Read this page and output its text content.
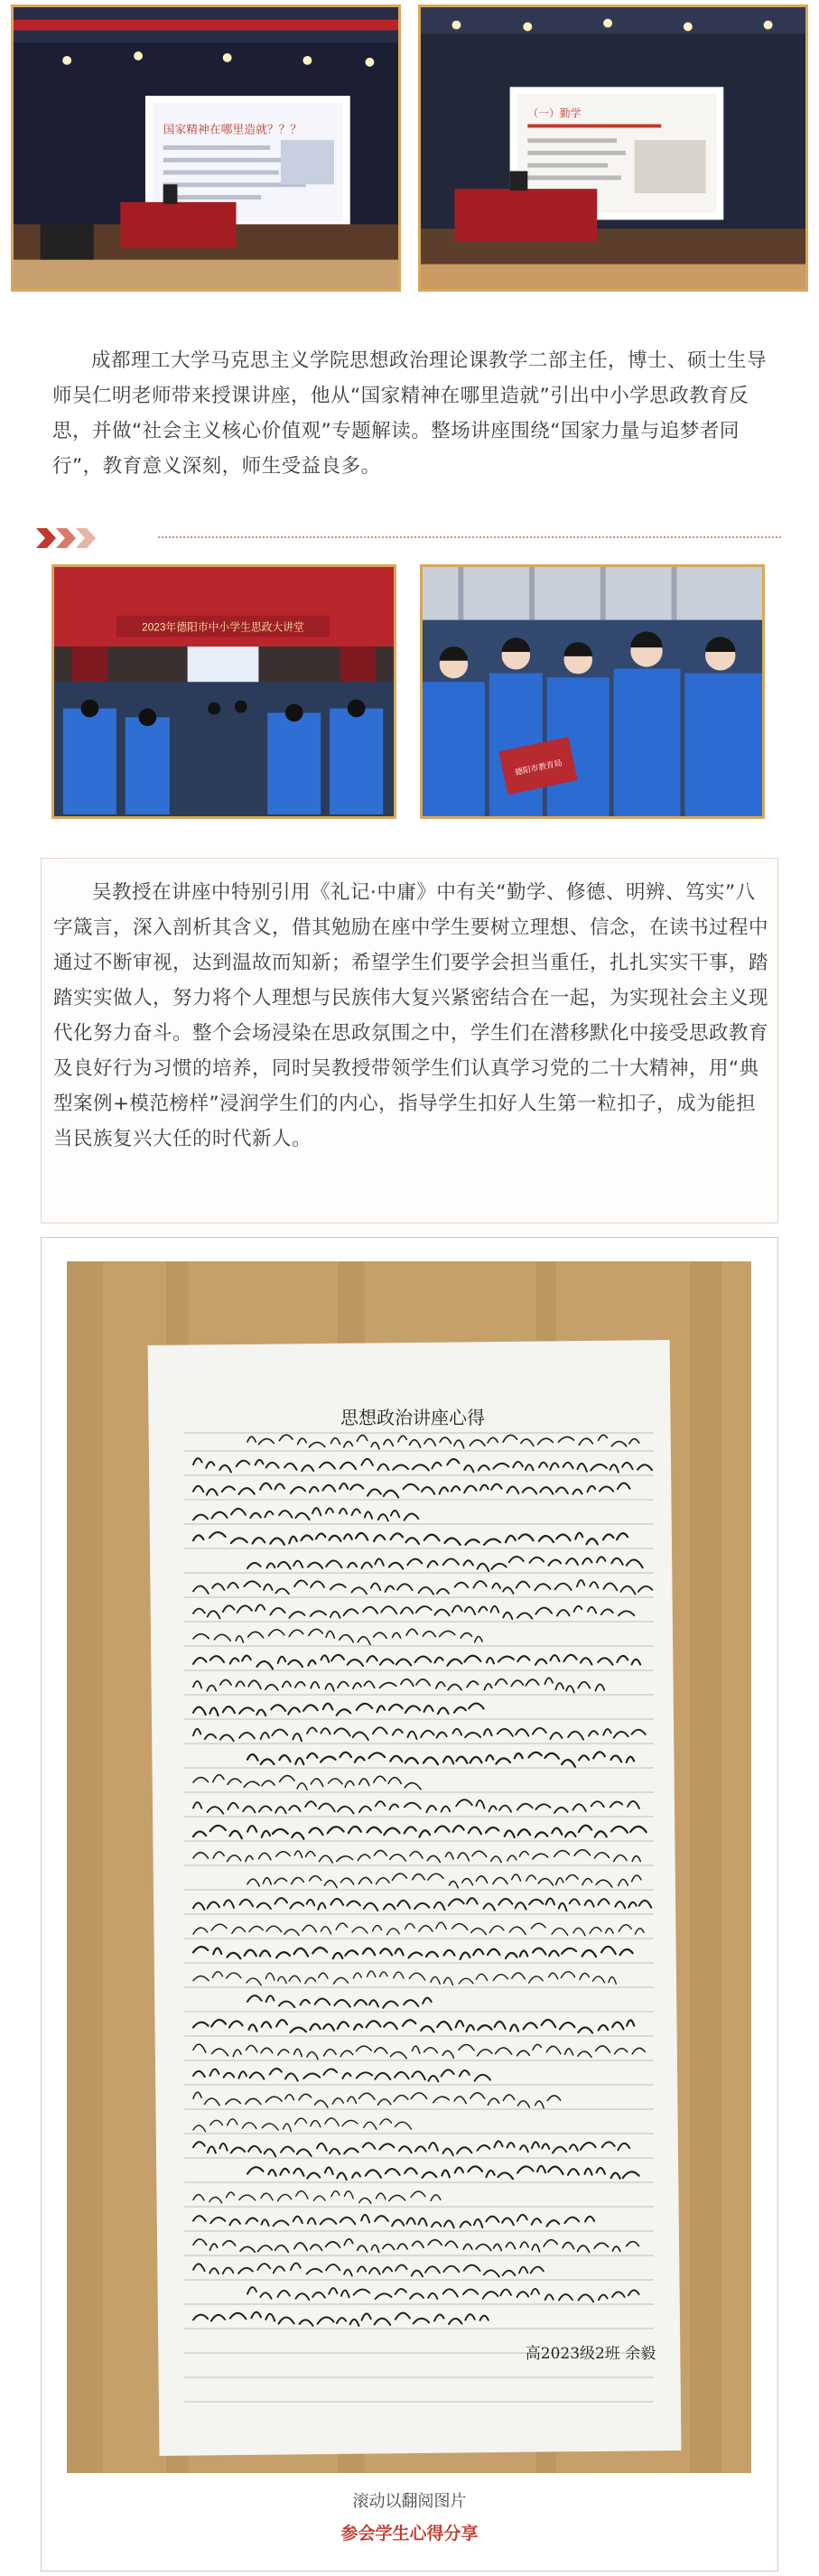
国家精神在哪里造就？？？
（一）勤学

成都理工大学马克思主义学院思想政治理论课教学二部主任，博士、硕士生导师吴仁明老师带来授课讲座，他从“国家精神在哪里造就”引出中小学思政教育反思，并做“社会主义核心价值观”专题解读。整场讲座围绕“国家力量与追梦者同行”，教育意义深刻，师生受益良多。

2023年德阳市中小学生思政大讲堂
德阳市教育局

吴教授在讲座中特别引用《礼记·中庸》中有关“勤学、修德、明辨、笃实”八字箴言，深入剖析其含义，借其勉励在座中学生要树立理想、信念，在读书过程中通过不断审视，达到温故而知新；希望学生们要学会担当重任，扎扎实实干事，踏踏实实做人，努力将个人理想与民族伟大复兴紧密结合在一起，为实现社会主义现代化努力奋斗。整个会场浸染在思政氛围之中，学生们在潜移默化中接受思政教育及良好行为习惯的培养，同时吴教授带领学生们认真学习党的二十大精神，用“典型案例+模范榜样”浸润学生们的内心，指导学生扣好人生第一粒扣子，成为能担当民族复兴大任的时代新人。

思想政治讲座心得
高2023级2班 余毅
滚动以翻阅图片
参会学生心得分享
